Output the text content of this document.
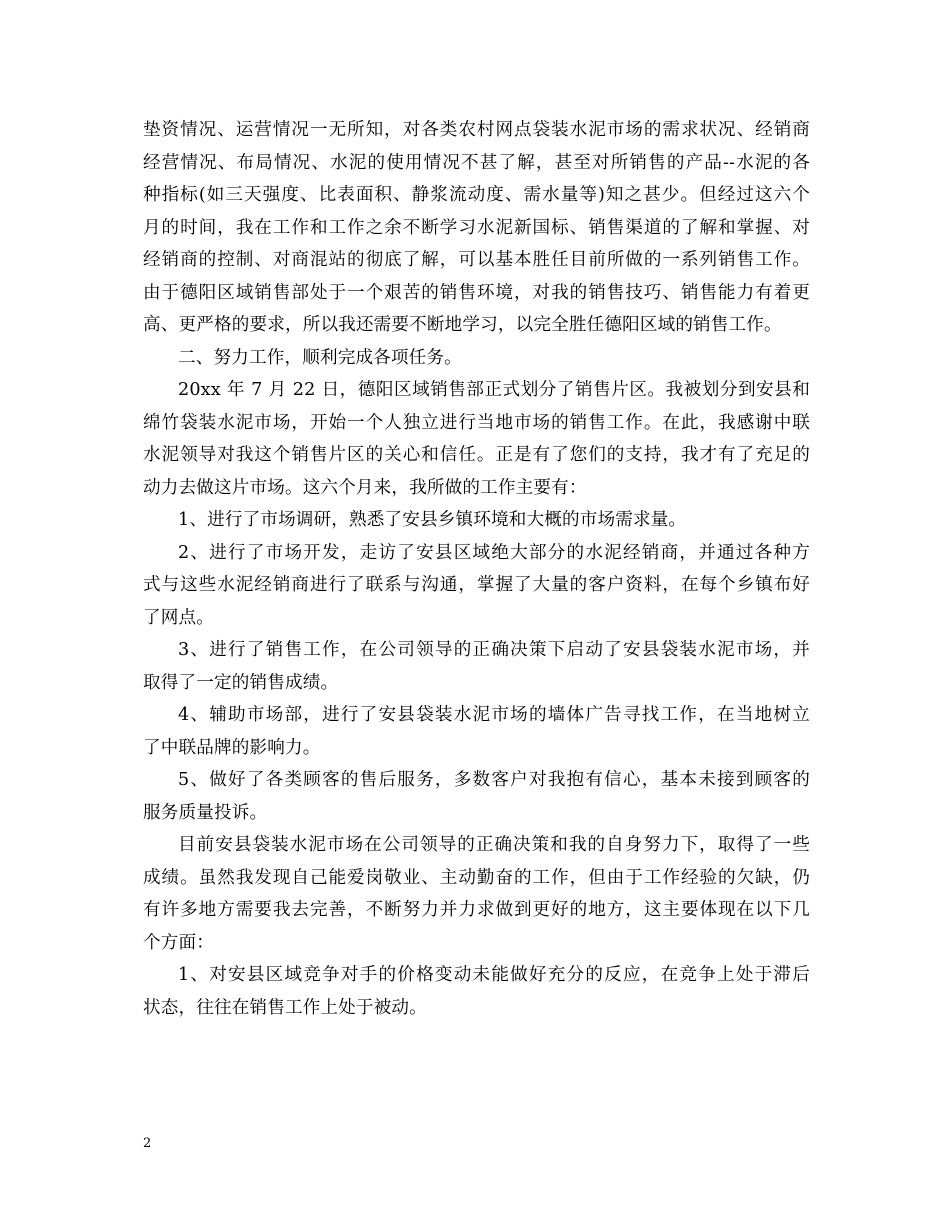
垫资情况、运营情况一无所知，对各类农村网点袋装水泥市场的需求状况、经销商
经营情况、布局情况、水泥的使用情况不甚了解，甚至对所销售的产品--水泥的各
种指标(如三天强度、比表面积、静浆流动度、需水量等)知之甚少。但经过这六个
月的时间，我在工作和工作之余不断学习水泥新国标、销售渠道的了解和掌握、对
经销商的控制、对商混站的彻底了解，可以基本胜任目前所做的一系列销售工作。
由于德阳区域销售部处于一个艰苦的销售环境，对我的销售技巧、销售能力有着更
高、更严格的要求，所以我还需要不断地学习，以完全胜任德阳区域的销售工作。
二、努力工作，顺利完成各项任务。
20xx 年 7 月 22 日，德阳区域销售部正式划分了销售片区。我被划分到安县和
绵竹袋装水泥市场，开始一个人独立进行当地市场的销售工作。在此，我感谢中联
水泥领导对我这个销售片区的关心和信任。正是有了您们的支持，我才有了充足的
动力去做这片市场。这六个月来，我所做的工作主要有：
1、进行了市场调研，熟悉了安县乡镇环境和大概的市场需求量。
2、进行了市场开发，走访了安县区域绝大部分的水泥经销商，并通过各种方
式与这些水泥经销商进行了联系与沟通，掌握了大量的客户资料，在每个乡镇布好
了网点。
3、进行了销售工作，在公司领导的正确决策下启动了安县袋装水泥市场，并
取得了一定的销售成绩。
4、辅助市场部，进行了安县袋装水泥市场的墙体广告寻找工作，在当地树立
了中联品牌的影响力。
5、做好了各类顾客的售后服务，多数客户对我抱有信心，基本未接到顾客的
服务质量投诉。
目前安县袋装水泥市场在公司领导的正确决策和我的自身努力下，取得了一些
成绩。虽然我发现自己能爱岗敬业、主动勤奋的工作，但由于工作经验的欠缺，仍
有许多地方需要我去完善，不断努力并力求做到更好的地方，这主要体现在以下几
个方面：
1、对安县区域竞争对手的价格变动未能做好充分的反应，在竞争上处于滞后
状态，往往在销售工作上处于被动。
2
